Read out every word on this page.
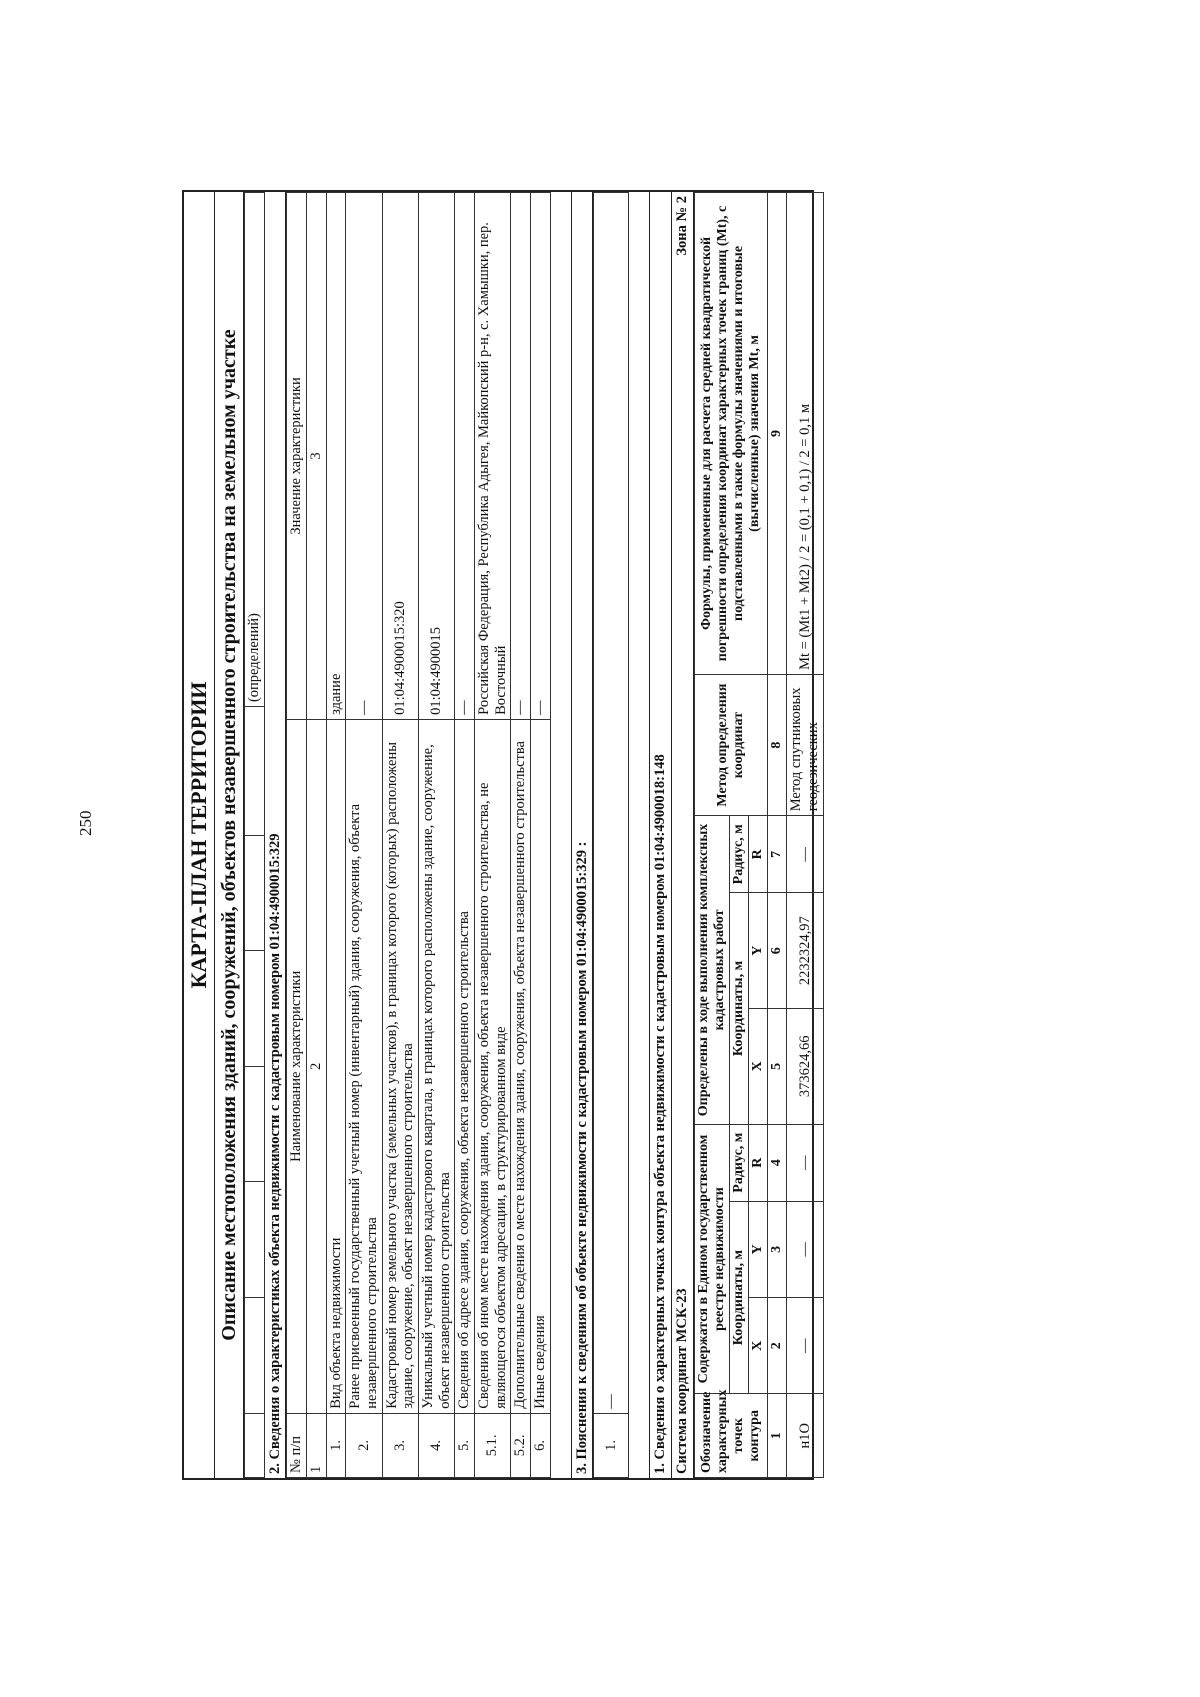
250	КАРТА-ПЛАН ТЕРРИТОРИИ Описание местоположения зданий, сооружений, объектов незавершенного строительства на земельном участке
							(определений)
2. Сведения о характеристиках объекта недвижимости с кадастровым номером 01:04:4900015:329 № п/п	Наименование характеристики	Значение характеристики
1	2	3
1.	Вид объекта недвижимости	здание
2.	Ранее присвоенный государственный учетный номер (инвентарный) здания, сооружения, объекта незавершенного строительства	—
3.	Кадастровый номер земельного участка (земельных участков), в границах которого (которых) расположены здание, сооружение, объект незавершенного строительства	01:04:4900015:320
4.	Уникальный учетный номер кадастрового квартала, в границах которого расположены здание, сооружение, объект незавершенного строительства	01:04:4900015
5.	Сведения об адресе здания, сооружения, объекта незавершенного строительства	—
5.1.	Сведения об ином месте нахождения здания, сооружения, объекта незавершенного строительства, не являющегося объектом адресации, в структурированном виде	Российская Федерация, Республика Адыгея, Майкопский р-н, с. Хамышки, пер. Восточный
5.2.	Дополнительные сведения о месте нахождения здания, сооружения, объекта незавершенного строительства	—
6.	Иные сведения	—
3. Пояснения к сведениям об объекте недвижимости с кадастровым номером 01:04:4900015:329 : 1.	— 1. Сведения о характерных точках контура объекта недвижимости с кадастровым номером 01:04:4900018:148 Система координат МСК-23
Зона № 2
Обозначение характерных точек контура	Содержатся в Едином государственном реестре недвижимости			Определены в ходе выполнения комплексных кадастровых работ			Метод определения координат	Формулы, примененные для расчета средней квадратической погрешности определения координат характерных точек границ (Mt), с подставленными в такие формулы значениями и итоговые (вычисленные) значения Mt, м
	Координаты, м		Радиус, м	Координаты, м		Радиус, м		
	X	Y	R	X	Y	R		
1	2	3	4	5	6	7	8	9
н1О	—	—	—	373624,66	2232324,97	—	Метод спутниковых геодезических	Mt = (Mt1 + Mt2) / 2 = (0,1 + 0,1) / 2 = 0,1 м
